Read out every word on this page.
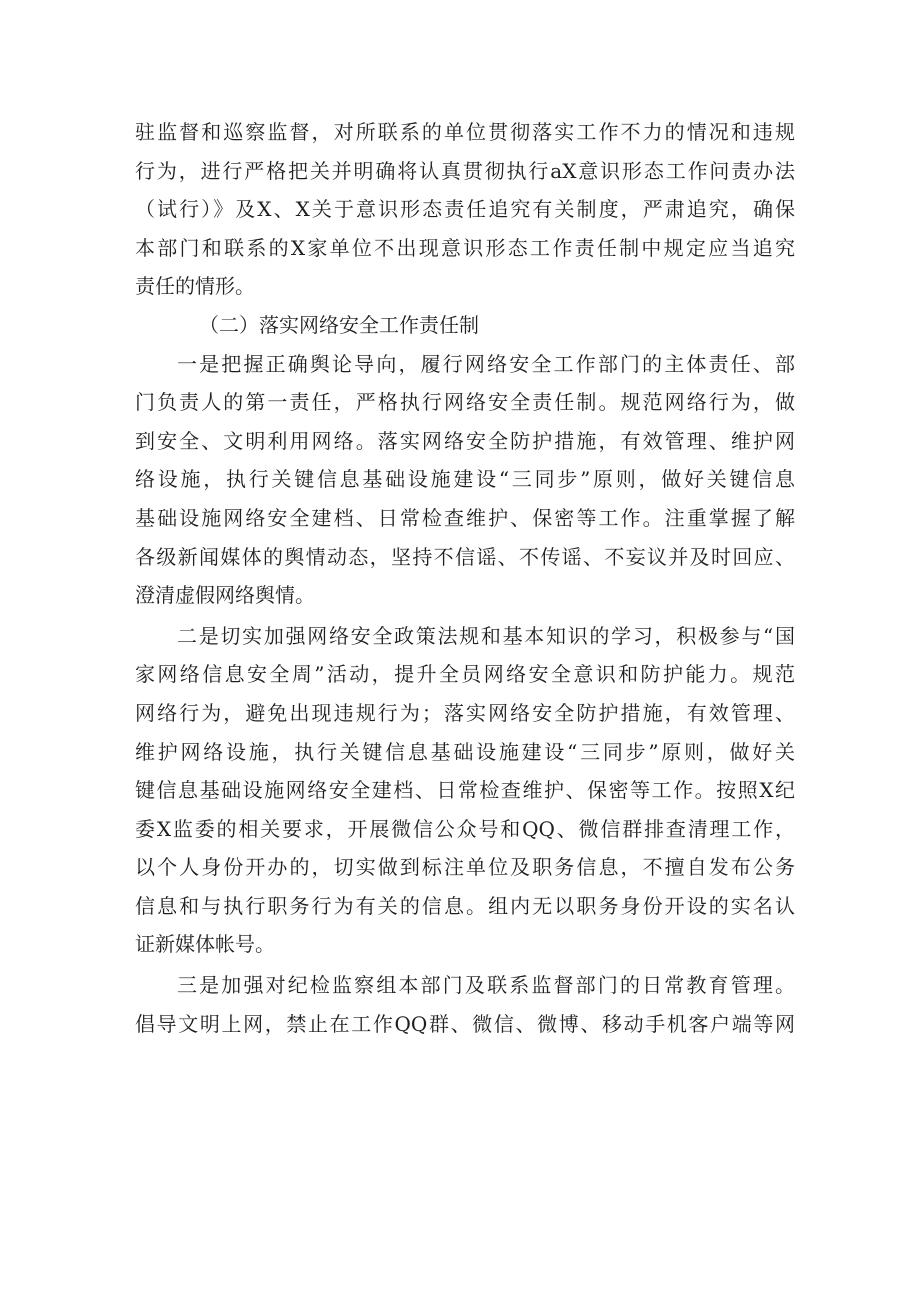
驻监督和巡察监督，对所联系的单位贯彻落实工作不力的情况和违规
行为，进行严格把关并明确将认真贯彻执行aX意识形态工作问责办法
（试行）》及X、X关于意识形态责任追究有关制度，严肃追究，确保
本部门和联系的X家单位不出现意识形态工作责任制中规定应当追究
责任的情形。
（二）落实网络安全工作责任制
一是把握正确舆论导向，履行网络安全工作部门的主体责任、部
门负责人的第一责任，严格执行网络安全责任制。规范网络行为，做
到安全、文明利用网络。落实网络安全防护措施，有效管理、维护网
络设施，执行关键信息基础设施建设“三同步”原则，做好关键信息
基础设施网络安全建档、日常检查维护、保密等工作。注重掌握了解
各级新闻媒体的舆情动态，坚持不信谣、不传谣、不妄议并及时回应、
澄清虚假网络舆情。
二是切实加强网络安全政策法规和基本知识的学习，积极参与“国
家网络信息安全周”活动，提升全员网络安全意识和防护能力。规范
网络行为，避免出现违规行为；落实网络安全防护措施，有效管理、
维护网络设施，执行关键信息基础设施建设“三同步”原则，做好关
键信息基础设施网络安全建档、日常检查维护、保密等工作。按照X纪
委X监委的相关要求，开展微信公众号和QQ、微信群排查清理工作，
以个人身份开办的，切实做到标注单位及职务信息，不擅自发布公务
信息和与执行职务行为有关的信息。组内无以职务身份开设的实名认
证新媒体帐号。
三是加强对纪检监察组本部门及联系监督部门的日常教育管理。
倡导文明上网，禁止在工作QQ群、微信、微博、移动手机客户端等网
